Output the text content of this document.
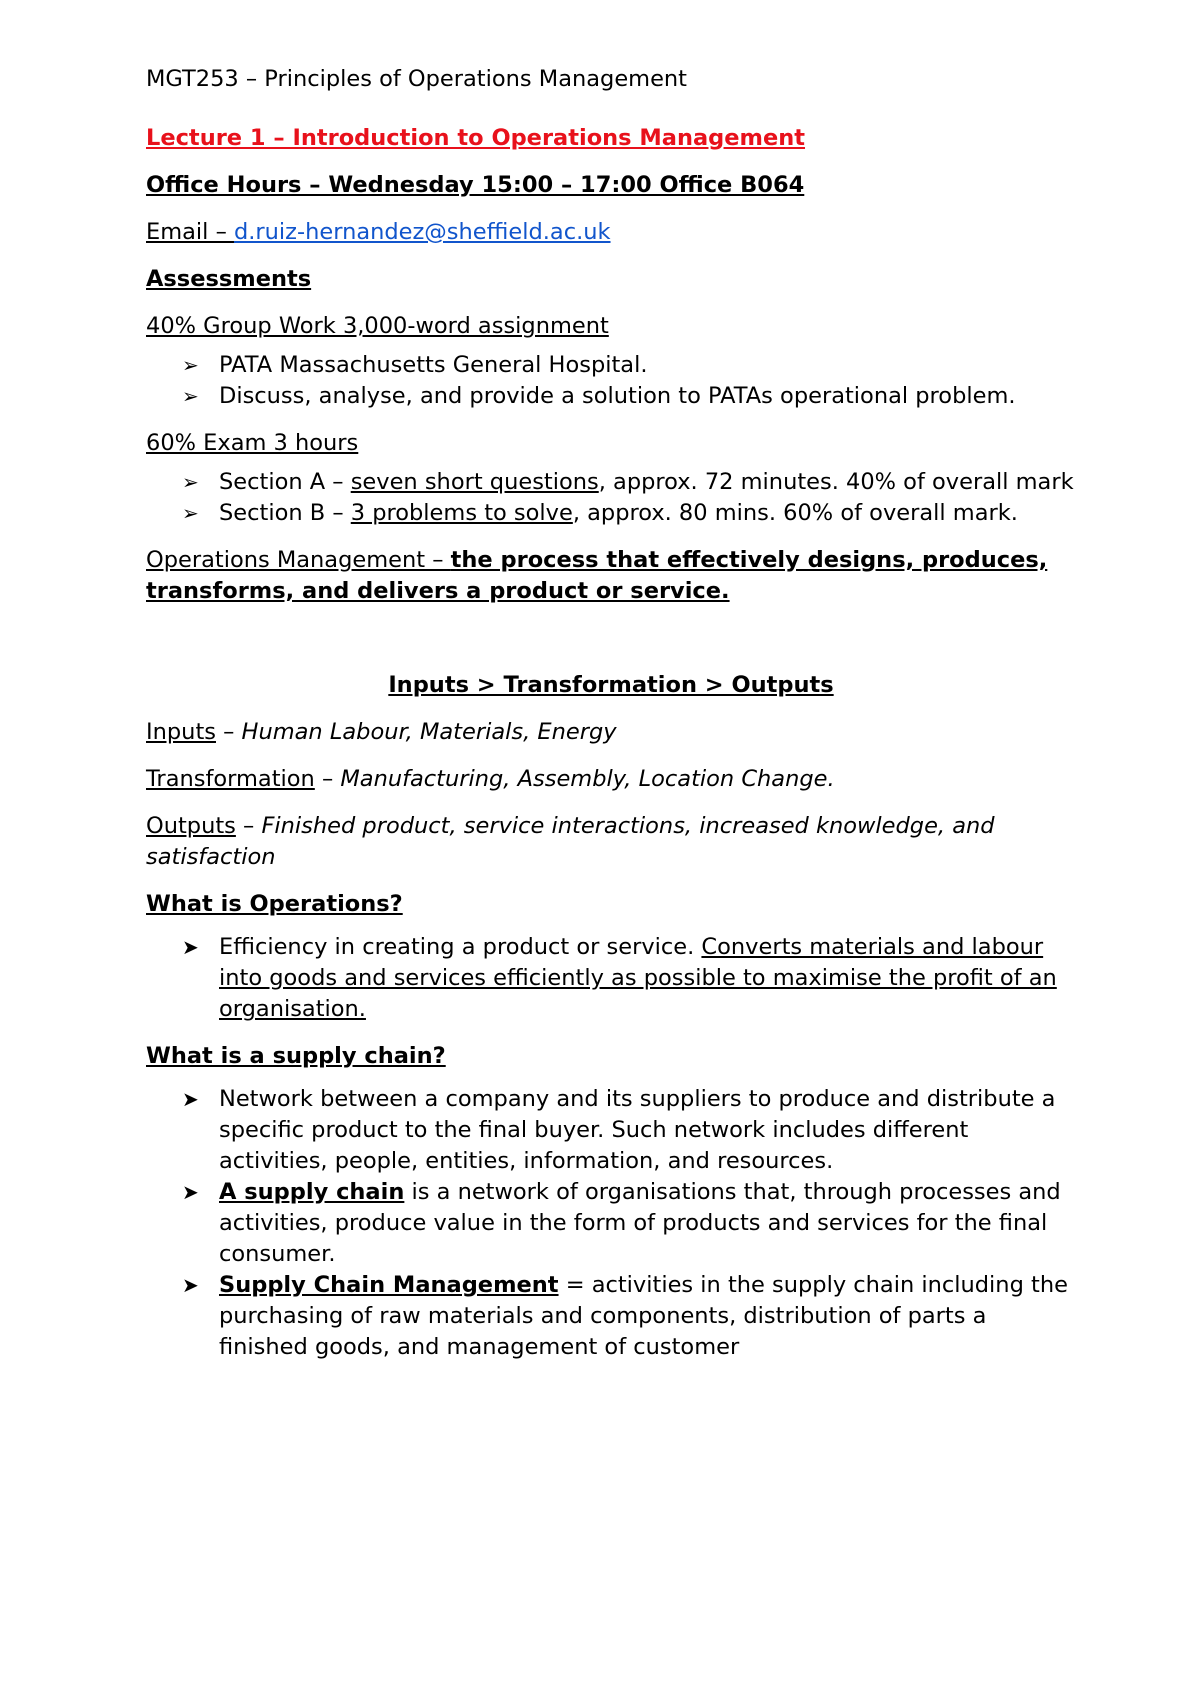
MGT253 – Principles of Operations Management

Lecture 1 – Introduction to Operations Management

Office Hours – Wednesday 15:00 – 17:00 Office B064

Email – d.ruiz-hernandez@sheffield.ac.uk

Assessments

40% Group Work 3,000-word assignment

➢ PATA Massachusetts General Hospital.
➢ Discuss, analyse, and provide a solution to PATAs operational problem.

60% Exam 3 hours

➢ Section A – seven short questions, approx. 72 minutes. 40% of overall mark
➢ Section B – 3 problems to solve, approx. 80 mins. 60% of overall mark.

Operations Management – the process that effectively designs, produces, transforms, and delivers a product or service.

Inputs > Transformation > Outputs

Inputs – Human Labour, Materials, Energy

Transformation – Manufacturing, Assembly, Location Change.

Outputs – Finished product, service interactions, increased knowledge, and satisfaction

What is Operations?

➤ Efficiency in creating a product or service. Converts materials and labour into goods and services efficiently as possible to maximise the profit of an organisation.

What is a supply chain?

➤ Network between a company and its suppliers to produce and distribute a specific product to the final buyer. Such network includes different activities, people, entities, information, and resources.
➤ A supply chain is a network of organisations that, through processes and activities, produce value in the form of products and services for the final consumer.
➤ Supply Chain Management = activities in the supply chain including the purchasing of raw materials and components, distribution of parts a finished goods, and management of customer
